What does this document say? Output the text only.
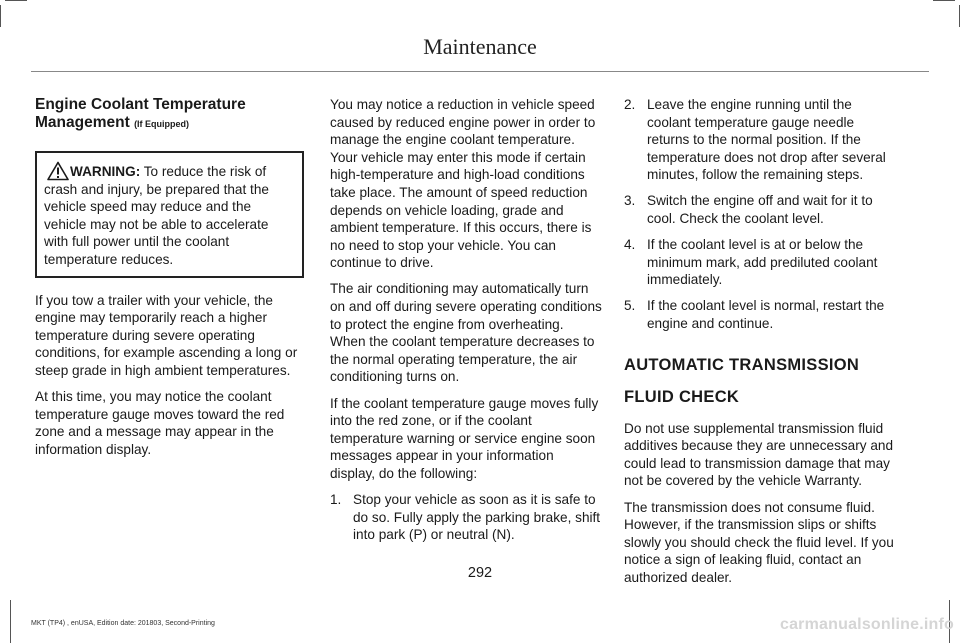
Maintenance
Engine Coolant Temperature Management (If Equipped)

WARNING: To reduce the risk of crash and injury, be prepared that the vehicle speed may reduce and the vehicle may not be able to accelerate with full power until the coolant temperature reduces.

If you tow a trailer with your vehicle, the engine may temporarily reach a higher temperature during severe operating conditions, for example ascending a long or steep grade in high ambient temperatures.

At this time, you may notice the coolant temperature gauge moves toward the red zone and a message may appear in the information display.

You may notice a reduction in vehicle speed caused by reduced engine power in order to manage the engine coolant temperature. Your vehicle may enter this mode if certain high-temperature and high-load conditions take place. The amount of speed reduction depends on vehicle loading, grade and ambient temperature. If this occurs, there is no need to stop your vehicle. You can continue to drive.

The air conditioning may automatically turn on and off during severe operating conditions to protect the engine from overheating. When the coolant temperature decreases to the normal operating temperature, the air conditioning turns on.

If the coolant temperature gauge moves fully into the red zone, or if the coolant temperature warning or service engine soon messages appear in your information display, do the following:

1. Stop your vehicle as soon as it is safe to do so. Fully apply the parking brake, shift into park (P) or neutral (N).
2. Leave the engine running until the coolant temperature gauge needle returns to the normal position. If the temperature does not drop after several minutes, follow the remaining steps.
3. Switch the engine off and wait for it to cool. Check the coolant level.
4. If the coolant level is at or below the minimum mark, add prediluted coolant immediately.
5. If the coolant level is normal, restart the engine and continue.
AUTOMATIC TRANSMISSION
FLUID CHECK

Do not use supplemental transmission fluid additives because they are unnecessary and could lead to transmission damage that may not be covered by the vehicle Warranty.

The transmission does not consume fluid. However, if the transmission slips or shifts slowly you should check the fluid level. If you notice a sign of leaking fluid, contact an authorized dealer.

292
MKT (TP4) , enUSA, Edition date: 201803, Second-Printing	carmanualsonline.info
